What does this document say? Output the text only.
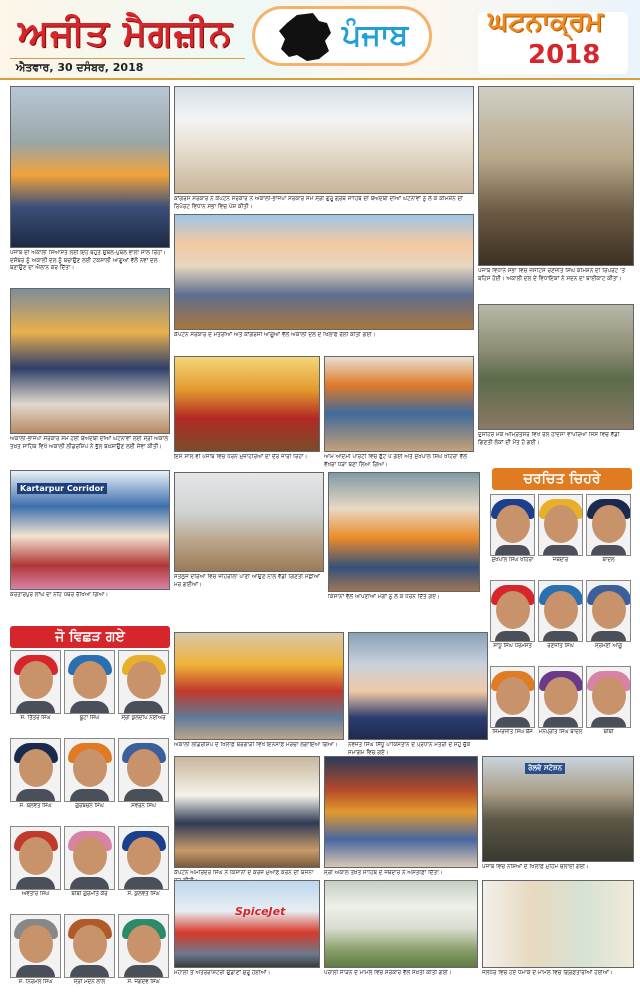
ਅਜੀਤ ਮੈਗਜ਼ੀਨ
ਐਤਵਾਰ, 30 ਦਸੰਬਰ, 2018
ਪੰਜਾਬ	ਘਟਨਾਕ੍ਰਮ
2018
ਪੰਜਾਬ ਦੀ ਅਕਾਲੀ ਸਿਆਸਤ ਲਈ ਇਹ ਬਹੁਤ ਉਥਲ-ਪੁਥਲ ਵਾਲਾ ਸਾਲ ਰਿਹਾ। ਦਸੰਬਰ ਨੂੰ ਅਕਾਲੀ ਦਲ ਨੂੰ ਬਚਾਉਣ ਲਈ ਟਕਸਾਲੀ ਆਗੂਆਂ ਵੱਲੋਂ ਨਵਾਂ ਦਲ ਬਣਾਉਣ ਦਾ ਐਲਾਨ ਕਰ ਦਿੱਤਾ।
ਕਾਂਗਰਸ ਸਰਕਾਰ ਨੇ ਕੈਪਟਨ ਸਰਕਾਰ ਨੇ ਅਕਾਲੀ-ਭਾਜਪਾ ਸਰਕਾਰ ਸਮੇਂ ਸ੍ਰੀ ਗੁਰੂ ਗ੍ਰੰਥ ਸਾਹਿਬ ਦੀ ਬੇਅਦਬੀ ਦੀਆਂ ਘਟਨਾਵਾਂ ਨੂੰ ਲੈ ਕੇ ਕਮਿਸ਼ਨ ਦੀ ਰਿਪੋਰਟ ਵਿਧਾਨ ਸਭਾ ਵਿਚ ਪੇਸ਼ ਕੀਤੀ।
ਪੰਜਾਬ ਵਿਧਾਨ ਸਭਾ ਵਿਚ ਜਸਟਿਸ ਰਣਜੀਤ ਸਿੰਘ ਕਮਿਸ਼ਨ ਦੀ ਰਿਪੋਰਟ 'ਤੇ ਬਹਿਸ ਹੋਈ। ਅਕਾਲੀ ਦਲ ਦੇ ਵਿਧਾਇਕਾਂ ਨੇ ਸਦਨ ਦਾ ਬਾਈਕਾਟ ਕੀਤਾ।
ਕੈਪਟਨ ਸਰਕਾਰ ਦੇ ਮੰਤਰੀਆਂ ਅਤੇ ਕਾਂਗਰਸੀ ਆਗੂਆਂ ਵੱਲੋਂ ਅਕਾਲੀ ਦਲ ਦੇ ਖਿਲਾਫ ਰੈਲੀ ਕੀਤੀ ਗਈ।
ਅਕਾਲੀ-ਭਾਜਪਾ ਸਰਕਾਰ ਸਮੇਂ ਹੋਈ ਬੇਅਦਬੀ ਦੀਆਂ ਘਟਨਾਵਾਂ ਲਈ ਸ੍ਰੀ ਅਕਾਲ ਤਖ਼ਤ ਸਾਹਿਬ ਵਿਖੇ ਅਕਾਲੀ ਲੀਡਰਸ਼ਿਪ ਨੇ ਭੁੱਲ ਬਖ਼ਸ਼ਾਉਣ ਲਈ ਸੇਵਾ ਕੀਤੀ।
ਇਸ ਸਾਲ ਵੀ ਪੰਜਾਬ ਵਿਚ ਧਰਨੇ ਮੁਜ਼ਾਹਰਿਆਂ ਦਾ ਦੌਰ ਜਾਰੀ ਰਿਹਾ।	ਆਮ ਆਦਮੀ ਪਾਰਟੀ ਵਿਚ ਫੁੱਟ ਪੈ ਗਈ ਅਤੇ ਸੁਖਪਾਲ ਸਿੰਘ ਖਹਿਰਾ ਵੱਲੋਂ ਵੱਖਰਾ ਧੜਾ ਬਣਾ ਲਿਆ ਗਿਆ।
ਦੁਸਹਿਰੇ ਮੌਕੇ ਅੰਮ੍ਰਿਤਸਰ ਵਿਖੇ ਰੇਲ ਹਾਦਸਾ ਵਾਪਰਿਆ ਜਿਸ ਵਿਚ ਵੱਡੀ ਗਿਣਤੀ ਲੋਕਾਂ ਦੀ ਮੌਤ ਹੋ ਗਈ।
Kartarpur Corridor
ਕਰਤਾਰਪੁਰ ਲਾਂਘੇ ਦਾ ਨੀਂਹ ਪੱਥਰ ਰੱਖਿਆ ਗਿਆ।
ਸਤਲੁਜ ਦਰਿਆ ਵਿਚ ਜ਼ਹਿਰੀਲਾ ਪਾਣੀ ਆਉਣ ਨਾਲ ਵੱਡੀ ਗਿਣਤੀ ਮੱਛੀਆਂ ਮਰ ਗਈਆਂ।
ਕਿਸਾਨਾਂ ਵੱਲੋਂ ਆਪਣੀਆਂ ਮੰਗਾਂ ਨੂੰ ਲੈ ਕੇ ਧਰਨੇ ਦਿੱਤੇ ਗਏ।
ਚਰਚਿਤ ਚਿਹਰੇ
ਸੁਖਪਾਲ ਸਿੰਘ ਖਹਿਰਾ	ਜਥੇਦਾਰ	ਬਾਦਲ
ਸਾਧੂ ਸਿੰਘ ਧਰਮਸੋਤ	ਰਣਜੀਤ ਸਿੰਘ	ਸ੍ਰੋਮਣੀ ਆਗੂ
ਸਿਮਰਜੀਤ ਸਿੰਘ ਬੈਂਸ	ਮਨਪ੍ਰੀਤ ਸਿੰਘ ਬਾਦਲ	ਬੀਬੀ
ਜੋ ਵਿਛੜ ਗਏ
ਸ. ਤਿੱਤਰ ਸਿੰਘ	ਬੂਟਾ ਸਿੰਘ	ਸ੍ਰੀ ਕੁਲਦੀਪ ਨਈਅਰ
ਸ. ਬਲਵੰਤ ਸਿੰਘ	ਗੁਰਬਚਨ ਸਿੰਘ	ਸਵਰਨ ਸਿੰਘ
ਅਵਤਾਰ ਸਿੰਘ	ਬੀਬੀ ਗੁਰਮੀਤ ਕੌਰ	ਸ. ਕੁਲਵੰਤ ਸਿੰਘ
ਸ. ਨਿਰਮਲ ਸਿੰਘ	ਸ੍ਰੀ ਮਦਨ ਲਾਲ	ਸ. ਜਗਦੇਵ ਸਿੰਘ
ਅਕਾਲੀ ਲੀਡਰਸ਼ਿਪ ਦੇ ਖਿਲਾਫ਼ ਬਰਗਾੜੀ ਵਿਖੇ ਇਨਸਾਫ਼ ਮੋਰਚਾ ਲਗਾਇਆ ਗਿਆ।	ਨਵਜੋਤ ਸਿੰਘ ਸਿੱਧੂ ਪਾਕਿਸਤਾਨ ਦੇ ਪ੍ਰਧਾਨ ਮੰਤਰੀ ਦੇ ਸਹੁੰ ਚੁੱਕ ਸਮਾਗਮ ਵਿਚ ਗਏ।
ਕੈਪਟਨ ਅਮਰਿੰਦਰ ਸਿੰਘ ਨੇ ਕਿਸਾਨਾਂ ਦੇ ਕਰਜ਼ੇ ਮੁਆਫ਼ ਕਰਨ ਦੀ ਯੋਜਨਾ	ਸ੍ਰੀ ਅਕਾਲ ਤਖ਼ਤ ਸਾਹਿਬ ਦੇ ਜਥੇਦਾਰ ਨੇ ਅਸਤੀਫ਼ਾ ਦਿੱਤਾ।
ਰੇਲਵੇ ਸਟੇਸ਼ਨ
ਪੰਜਾਬ ਵਿਚ ਨਸ਼ਿਆਂ ਦੇ ਖਿਲਾਫ਼ ਮੁਹਿੰਮ ਚਲਾਈ ਗਈ।
SpiceJet
ਮੋਹਾਲੀ ਤੋਂ ਅੰਤਰਰਾਸ਼ਟਰੀ ਉਡਾਣਾਂ ਸ਼ੁਰੂ ਹੋਈਆਂ।	ਪਰਾਲੀ ਸਾੜਨ ਦੇ ਮਾਮਲੇ ਵਿਚ ਸਰਕਾਰ ਵੱਲੋਂ ਸਖ਼ਤੀ ਕੀਤੀ ਗਈ।	ਜਲੰਧਰ ਵਿਚ ਹੋਏ ਧਮਾਕੇ ਦੇ ਮਾਮਲੇ ਵਿਚ ਗ੍ਰਿਫ਼ਤਾਰੀਆਂ ਹੋਈਆਂ।
